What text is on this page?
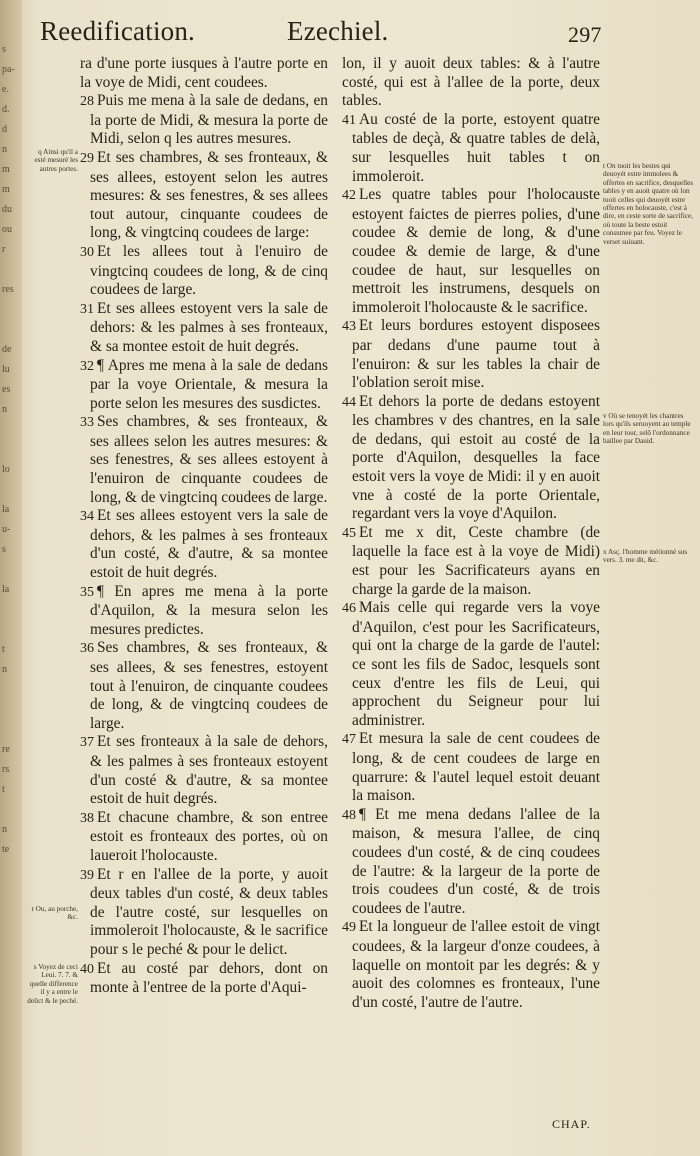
s
pa-
e.
d.
d
n
m
m
du
ou
r

res

de
lu
es
n

lo

la
u-
s

la

t
n

re
rs
t

n
te
Reedification.	Ezechiel.	297

ra d'une porte iusques à l'autre porte en la voye de Midi, cent coudees.

28 Puis me mena à la sale de dedans, en la porte de Midi, & mesura la porte de Midi, selon q les autres mesures.

29 Et ses chambres, & ses fronteaux, & ses allees, estoyent selon les autres mesures: & ses fenestres, & ses allees tout autour, cinquante coudees de long, & vingtcinq coudees de large:

30 Et les allees tout à l'enuiro de vingtcinq coudees de long, & de cinq coudees de large.

31 Et ses allees estoyent vers la sale de dehors: & les palmes à ses fronteaux, & sa montee estoit de huit degrés.

32 ¶ Apres me mena à la sale de dedans par la voye Orientale, & mesura la porte selon les mesures des susdictes.

33 Ses chambres, & ses fronteaux, & ses allees selon les autres mesures: & ses fenestres, & ses allees estoyent à l'enuiron de cinquante coudees de long, & de vingtcinq coudees de large.

34 Et ses allees estoyent vers la sale de dehors, & les palmes à ses fronteaux d'un costé, & d'autre, & sa montee estoit de huit degrés.

35 ¶ En apres me mena à la porte d'Aquilon, & la mesura selon les mesures predictes.

36 Ses chambres, & ses fronteaux, & ses allees, & ses fenestres, estoyent tout à l'enuiron, de cinquante coudees de long, & de vingtcinq coudees de large.

37 Et ses fronteaux à la sale de dehors, & les palmes à ses fronteaux estoyent d'un costé & d'autre, & sa montee estoit de huit degrés.

38 Et chacune chambre, & son entree estoit es fronteaux des portes, où on laueroit l'holocauste.

39 Et r en l'allee de la porte, y auoit deux tables d'un costé, & deux tables de l'autre costé, sur lesquelles on immoleroit l'holocauste, & le sacrifice pour s le peché & pour le delict.

40 Et au costé par dehors, dont on monte à l'entree de la porte d'Aqui-

lon, il y auoit deux tables: & à l'autre costé, qui est à l'allee de la porte, deux tables.

41 Au costé de la porte, estoyent quatre tables de deçà, & quatre tables de delà, sur lesquelles huit tables t on immoleroit.

42 Les quatre tables pour l'holocauste estoyent faictes de pierres polies, d'une coudee & demie de long, & d'une coudee & demie de large, & d'une coudee de haut, sur lesquelles on mettroit les instrumens, desquels on immoleroit l'holocauste & le sacrifice.

43 Et leurs bordures estoyent disposees par dedans d'une paume tout à l'enuiron: & sur les tables la chair de l'oblation seroit mise.

44 Et dehors la porte de dedans estoyent les chambres v des chantres, en la sale de dedans, qui estoit au costé de la porte d'Aquilon, desquelles la face estoit vers la voye de Midi: il y en auoit vne à costé de la porte Orientale, regardant vers la voye d'Aquilon.

45 Et me x dit, Ceste chambre (de laquelle la face est à la voye de Midi) est pour les Sacrificateurs ayans en charge la garde de la maison.

46 Mais celle qui regarde vers la voye d'Aquilon, c'est pour les Sacrificateurs, qui ont la charge de la garde de l'autel: ce sont les fils de Sadoc, lesquels sont ceux d'entre les fils de Leui, qui approchent du Seigneur pour lui administrer.

47 Et mesura la sale de cent coudees de long, & de cent coudees de large en quarrure: & l'autel lequel estoit deuant la maison.

48 ¶ Et me mena dedans l'allee de la maison, & mesura l'allee, de cinq coudees d'un costé, & de cinq coudees de l'autre: & la largeur de la porte de trois coudees d'un costé, & de trois coudees de l'autre.

49 Et la longueur de l'allee estoit de vingt coudees, & la largeur d'onze coudees, à laquelle on montoit par les degrés: & y auoit des colomnes es fronteaux, l'une d'un costé, l'autre de l'autre.

q Ainsi qu'il a esté mesuré les autres portes.
r Ou, au porche, &c.
s Voyez de ceci Leui. 7. 7. & quelle difference il y a entre le delict & le peché.
t On tuoit les bestes qui deuoyét estre immolees & offertes en sacrifice, desquelles tables y en auoit quatre où lon tuoit celles qui deuoyét estre offertes en holocauste, c'est à dire, en ceste sorte de sacrifice, où toute la beste estoit consumee par feu. Voyez le verset suiuant.
v Où se tenoyét les chantres lors qu'ils seruoyent au temple en leur tour, selô l'ordonnance baillee par Dauid.
x Asç. l'homme métionné sus vers. 3. me dit, &c.
CHAP.
